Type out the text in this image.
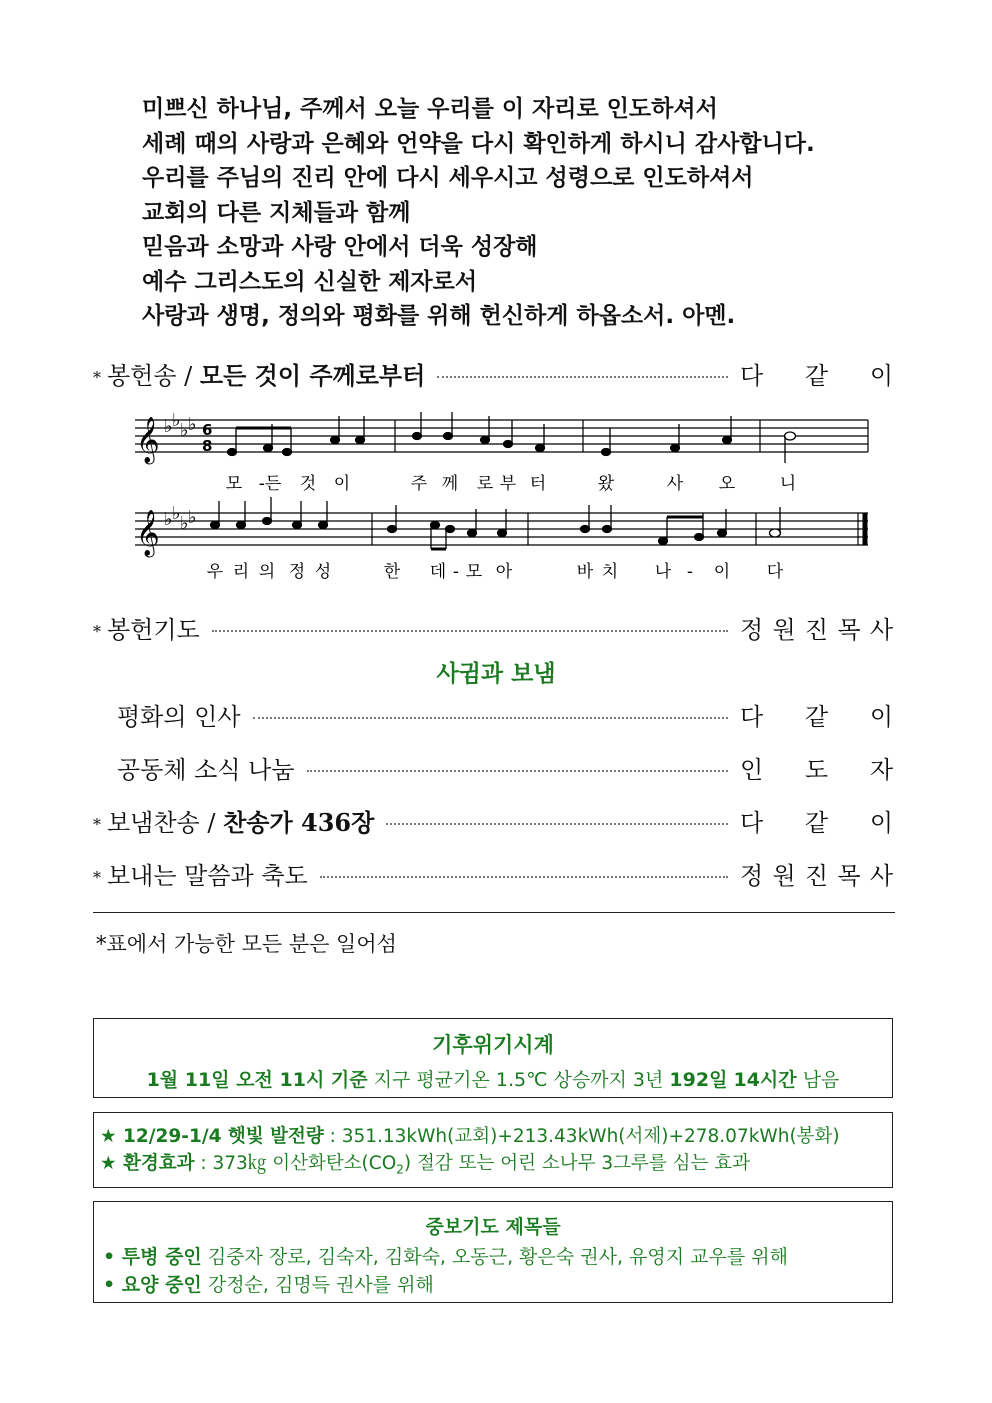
미쁘신 하나님, 주께서 오늘 우리를 이 자리로 인도하셔서
세례 때의 사랑과 은혜와 언약을 다시 확인하게 하시니 감사합니다.
우리를 주님의 진리 안에 다시 세우시고 성령으로 인도하셔서
교회의 다른 지체들과 함께
믿음과 소망과 사랑 안에서 더욱 성장해
예수 그리스도의 신실한 제자로서
사랑과 생명, 정의와 평화를 위해 헌신하게 하옵소서. 아멘.
* 봉헌송 / 모든 것이 주께로부터	다 같 이
𝄞 ♭ ♭ ♭ ♭ 6
8
모 -든 것 이	주 께 로 부 터	왔	사 오	니
𝄞 ♭ ♭ ♭ ♭
우 리 의 정 성	한 데 - 모 아	바 치 나 - 이 다
* 봉헌기도	정 원 진 목 사
사귐과 보냄
평화의 인사	다 같 이
공동체 소식 나눔	인 도 자
* 보냄찬송 / 찬송가 436장	다 같 이
* 보내는 말씀과 축도	정 원 진 목 사
*표에서 가능한 모든 분은 일어섬
기후위기시계
1월 11일 오전 11시 기준 지구 평균기온 1.5℃ 상승까지 3년 192일 14시간 남음
★ 12/29-1/4 햇빛 발전량 : 351.13kWh(교회)+213.43kWh(서제)+278.07kWh(봉화)
★ 환경효과 : 373㎏ 이산화탄소$(CO_2)$ 절감 또는 어린 소나무 3그루를 심는 효과
중보기도 제목들
• 투병 중인 김중자 장로, 김숙자, 김화숙, 오동근, 황은숙 권사, 유영지 교우를 위해
• 요양 중인 강정순, 김명득 권사를 위해
